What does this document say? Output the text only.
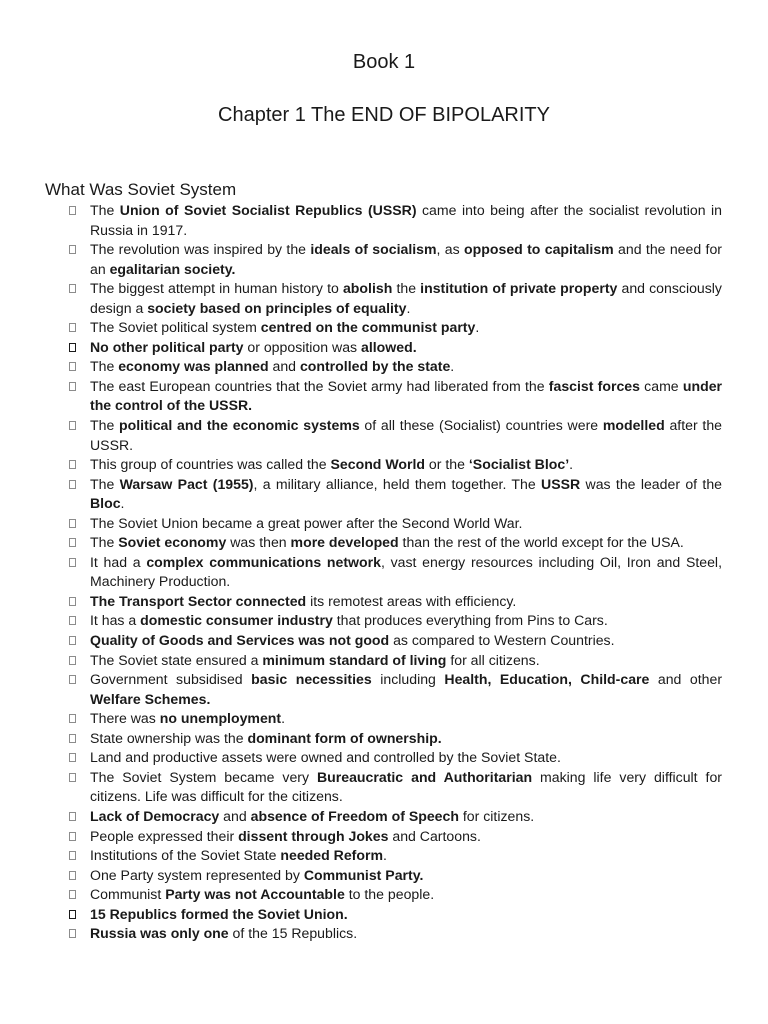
Book 1
Chapter 1 The END OF BIPOLARITY
What Was Soviet System
The Union of Soviet Socialist Republics (USSR) came into being after the socialist revolution in Russia in 1917.
The revolution was inspired by the ideals of socialism, as opposed to capitalism and the need for an egalitarian society.
The biggest attempt in human history to abolish the institution of private property and consciously design a society based on principles of equality.
The Soviet political system centred on the communist party.
No other political party or opposition was allowed.
The economy was planned and controlled by the state.
The east European countries that the Soviet army had liberated from the fascist forces came under the control of the USSR.
The political and the economic systems of all these (Socialist) countries were modelled after the USSR.
This group of countries was called the Second World or the ‘Socialist Bloc’.
The Warsaw Pact (1955), a military alliance, held them together. The USSR was the leader of the Bloc.
The Soviet Union became a great power after the Second World War.
The Soviet economy was then more developed than the rest of the world except for the USA.
It had a complex communications network, vast energy resources including Oil, Iron and Steel, Machinery Production.
The Transport Sector connected its remotest areas with efficiency.
It has a domestic consumer industry that produces everything from Pins to Cars.
Quality of Goods and Services was not good as compared to Western Countries.
The Soviet state ensured a minimum standard of living for all citizens.
Government subsidised basic necessities including Health, Education, Child-care and other Welfare Schemes.
There was no unemployment.
State ownership was the dominant form of ownership.
Land and productive assets were owned and controlled by the Soviet State.
The Soviet System became very Bureaucratic and Authoritarian making life very difficult for citizens. Life was difficult for the citizens.
Lack of Democracy and absence of Freedom of Speech for citizens.
People expressed their dissent through Jokes and Cartoons.
Institutions of the Soviet State needed Reform.
One Party system represented by Communist Party.
Communist Party was not Accountable to the people.
15 Republics formed the Soviet Union.
Russia was only one of the 15 Republics.
